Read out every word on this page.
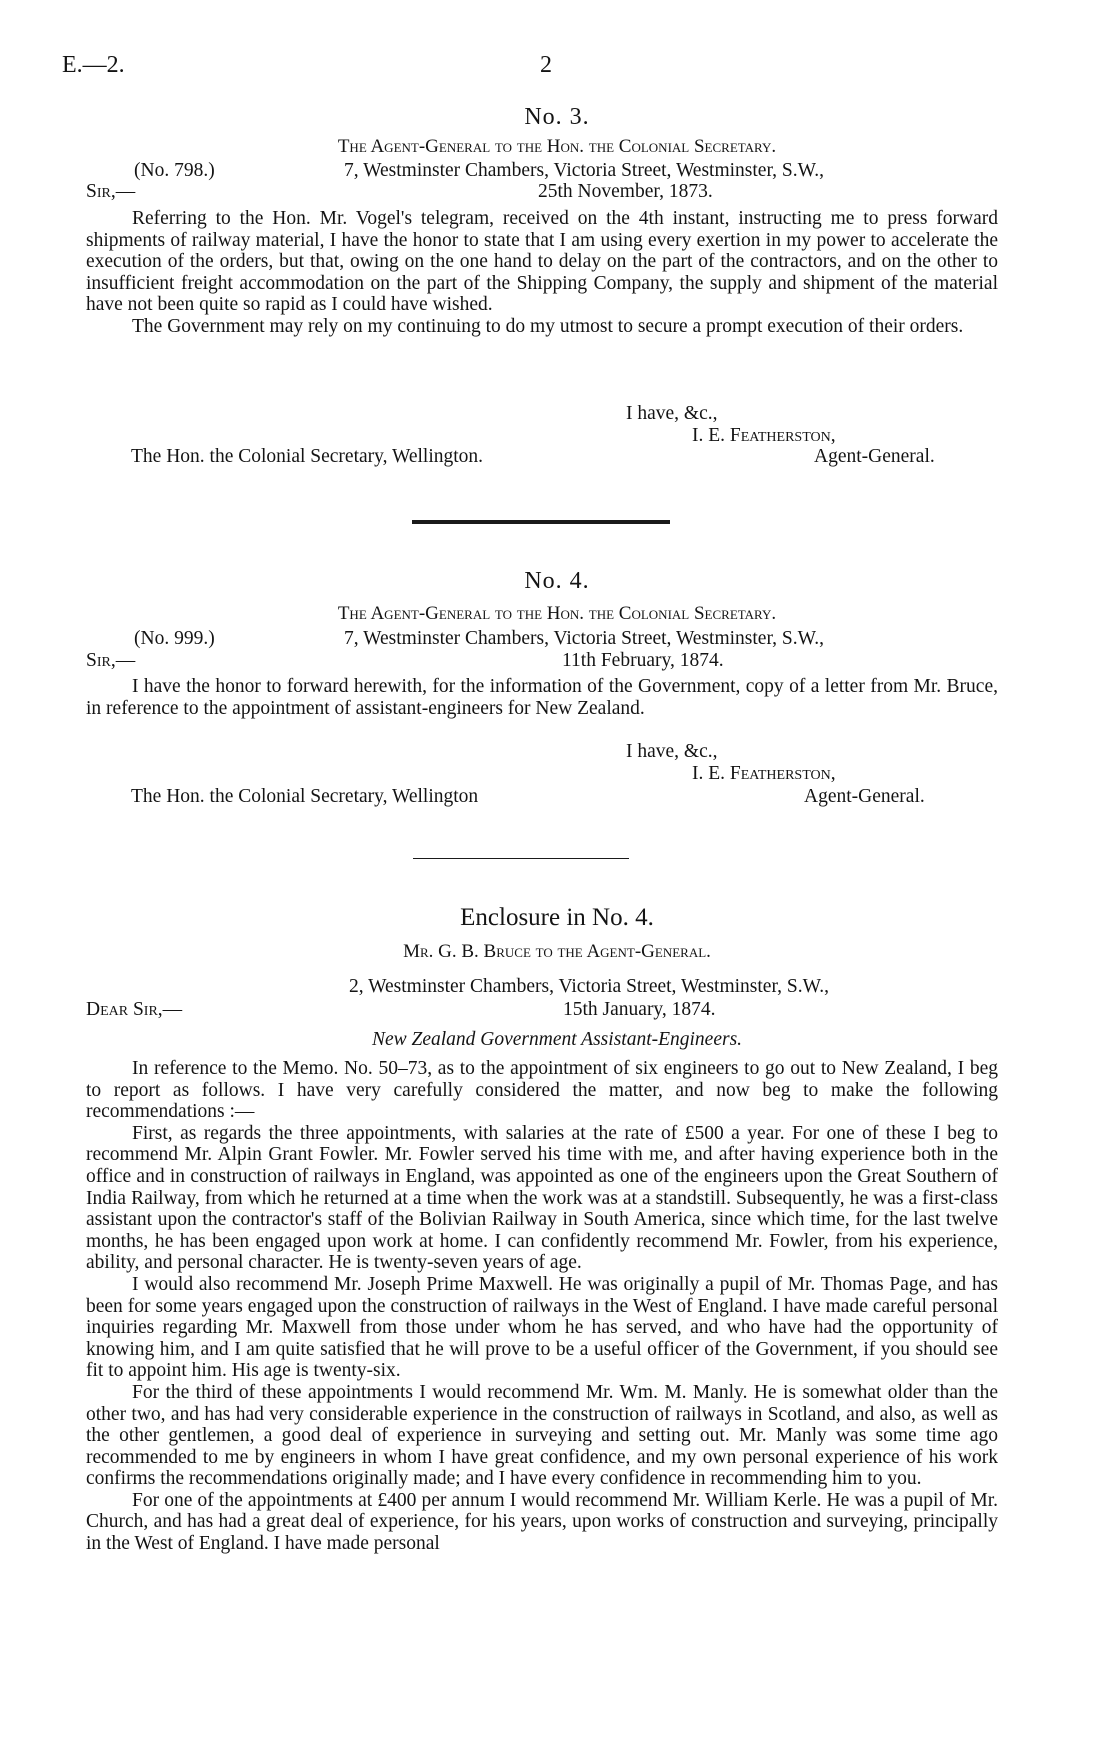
E.—2.	2
No. 3.
The Agent-General to the Hon. the Colonial Secretary.
(No. 798.)	7, Westminster Chambers, Victoria Street, Westminster, S.W.,
Sir,—	25th November, 1873.

Referring to the Hon. Mr. Vogel's telegram, received on the 4th instant, instructing me to press forward shipments of railway material, I have the honor to state that I am using every exertion in my power to accelerate the execution of the orders, but that, owing on the one hand to delay on the part of the contractors, and on the other to insufficient freight accommodation on the part of the Shipping Company, the supply and shipment of the material have not been quite so rapid as I could have wished.

The Government may rely on my continuing to do my utmost to secure a prompt execution of their orders.

I have, &c.,
I. E. Featherston,
The Hon. the Colonial Secretary, Wellington.	Agent-General.
No. 4.
The Agent-General to the Hon. the Colonial Secretary.
(No. 999.)	7, Westminster Chambers, Victoria Street, Westminster, S.W.,
Sir,—	11th February, 1874.

I have the honor to forward herewith, for the information of the Government, copy of a letter from Mr. Bruce, in reference to the appointment of assistant-engineers for New Zealand.

I have, &c.,
I. E. Featherston,
The Hon. the Colonial Secretary, Wellington	Agent-General.
Enclosure in No. 4.
Mr. G. B. Bruce to the Agent-General.
2, Westminster Chambers, Victoria Street, Westminster, S.W.,
Dear Sir,—	15th January, 1874.
New Zealand Government Assistant-Engineers.

In reference to the Memo. No. 50–73, as to the appointment of six engineers to go out to New Zealand, I beg to report as follows. I have very carefully considered the matter, and now beg to make the following recommendations :—

First, as regards the three appointments, with salaries at the rate of £500 a year. For one of these I beg to recommend Mr. Alpin Grant Fowler. Mr. Fowler served his time with me, and after having experience both in the office and in construction of railways in England, was appointed as one of the engineers upon the Great Southern of India Railway, from which he returned at a time when the work was at a standstill. Subsequently, he was a first-class assistant upon the contractor's staff of the Bolivian Railway in South America, since which time, for the last twelve months, he has been engaged upon work at home. I can confidently recommend Mr. Fowler, from his experience, ability, and personal character. He is twenty-seven years of age.

I would also recommend Mr. Joseph Prime Maxwell. He was originally a pupil of Mr. Thomas Page, and has been for some years engaged upon the construction of railways in the West of England. I have made careful personal inquiries regarding Mr. Maxwell from those under whom he has served, and who have had the opportunity of knowing him, and I am quite satisfied that he will prove to be a useful officer of the Government, if you should see fit to appoint him. His age is twenty-six.

For the third of these appointments I would recommend Mr. Wm. M. Manly. He is somewhat older than the other two, and has had very considerable experience in the construction of railways in Scotland, and also, as well as the other gentlemen, a good deal of experience in surveying and setting out. Mr. Manly was some time ago recommended to me by engineers in whom I have great confidence, and my own personal experience of his work confirms the recommendations originally made; and I have every confidence in recommending him to you.

For one of the appointments at £400 per annum I would recommend Mr. William Kerle. He was a pupil of Mr. Church, and has had a great deal of experience, for his years, upon works of construction and surveying, principally in the West of England. I have made personal
